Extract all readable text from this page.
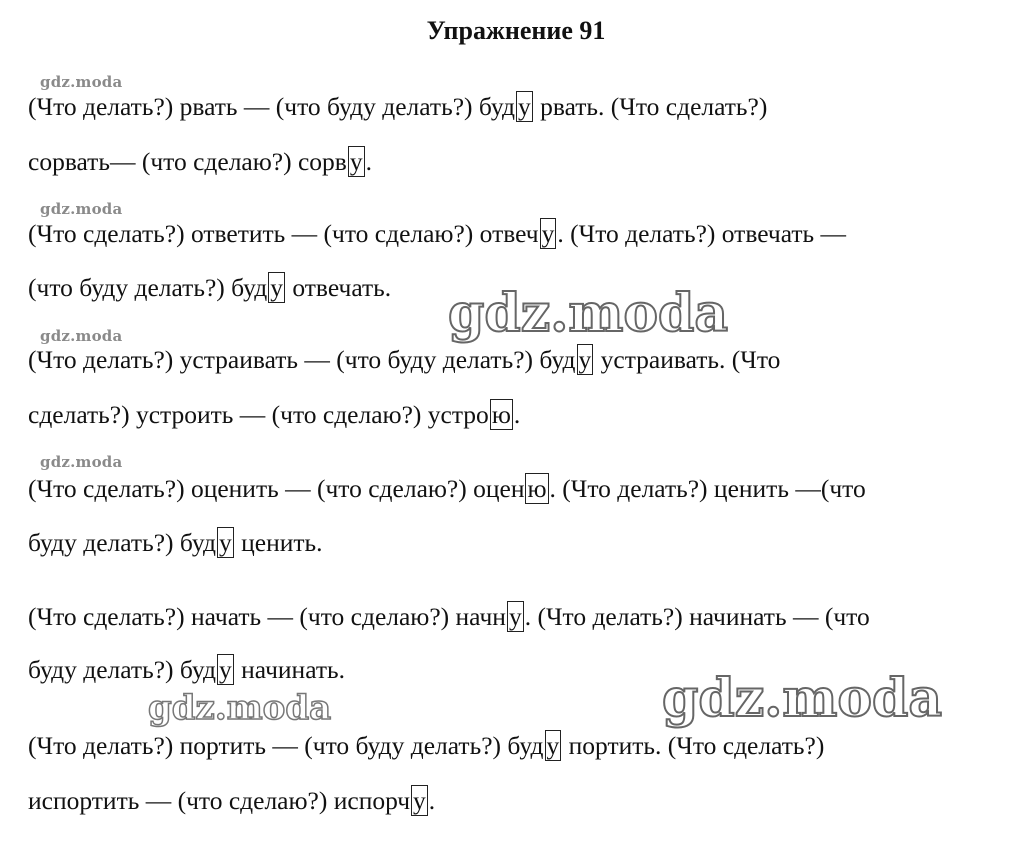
Упражнение 91
gdz.moda
gdz.moda
gdz.moda
gdz.moda
(Что делать?) рвать — (что буду делать?) буд у рвать. (Что сделать?)
сорвать— (что сделаю?) сорв у .
(Что сделать?) ответить — (что сделаю?) отвеч у . (Что делать?) отвечать —
(что буду делать?) буд у отвечать.
(Что делать?) устраивать — (что буду делать?) буд у устраивать. (Что
сделать?) устроить — (что сделаю?) устро ю .
(Что сделать?) оценить — (что сделаю?) оцен ю . (Что делать?) ценить —(что
буду делать?) буд у ценить.
(Что сделать?) начать — (что сделаю?) начн у . (Что делать?) начинать — (что
буду делать?) буд у начинать.
(Что делать?) портить — (что буду делать?) буд у портить. (Что сделать?)
испортить — (что сделаю?) испорч у .
gdz.moda
gdz.moda
gdz.moda
